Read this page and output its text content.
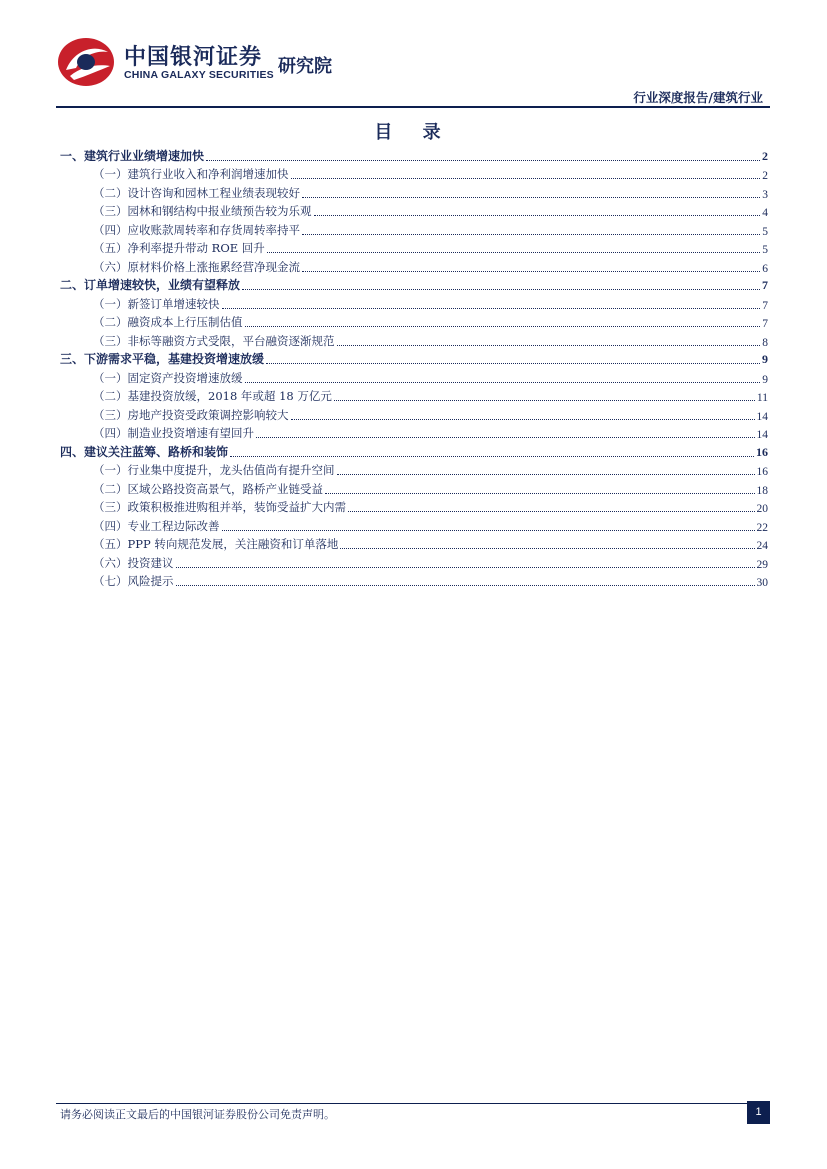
中国银河证券
CHINA GALAXY SECURITIES 研究院
行业深度报告/建筑行业
目 录
一、建筑行业业绩增速加快	2
（一）建筑行业收入和净利润增速加快	2
（二）设计咨询和园林工程业绩表现较好	3
（三）园林和钢结构中报业绩预告较为乐观	4
（四）应收账款周转率和存货周转率持平	5
（五）净利率提升带动 ROE 回升	5
（六）原材料价格上涨拖累经营净现金流	6
二、订单增速较快，业绩有望释放	7
（一）新签订单增速较快	7
（二）融资成本上行压制估值	7
（三）非标等融资方式受限，平台融资逐渐规范	8
三、下游需求平稳，基建投资增速放缓	9
（一）固定资产投资增速放缓	9
（二）基建投资放缓，2018 年或超 18 万亿元	11
（三）房地产投资受政策调控影响较大	14
（四）制造业投资增速有望回升	14
四、建议关注蓝筹、路桥和装饰	16
（一）行业集中度提升，龙头估值尚有提升空间	16
（二）区域公路投资高景气，路桥产业链受益	18
（三）政策积极推进购租并举，装饰受益扩大内需	20
（四）专业工程边际改善	22
（五）PPP 转向规范发展，关注融资和订单落地	24
（六）投资建议	29
（七）风险提示	30
请务必阅读正文最后的中国银河证券股份公司免责声明。	1
